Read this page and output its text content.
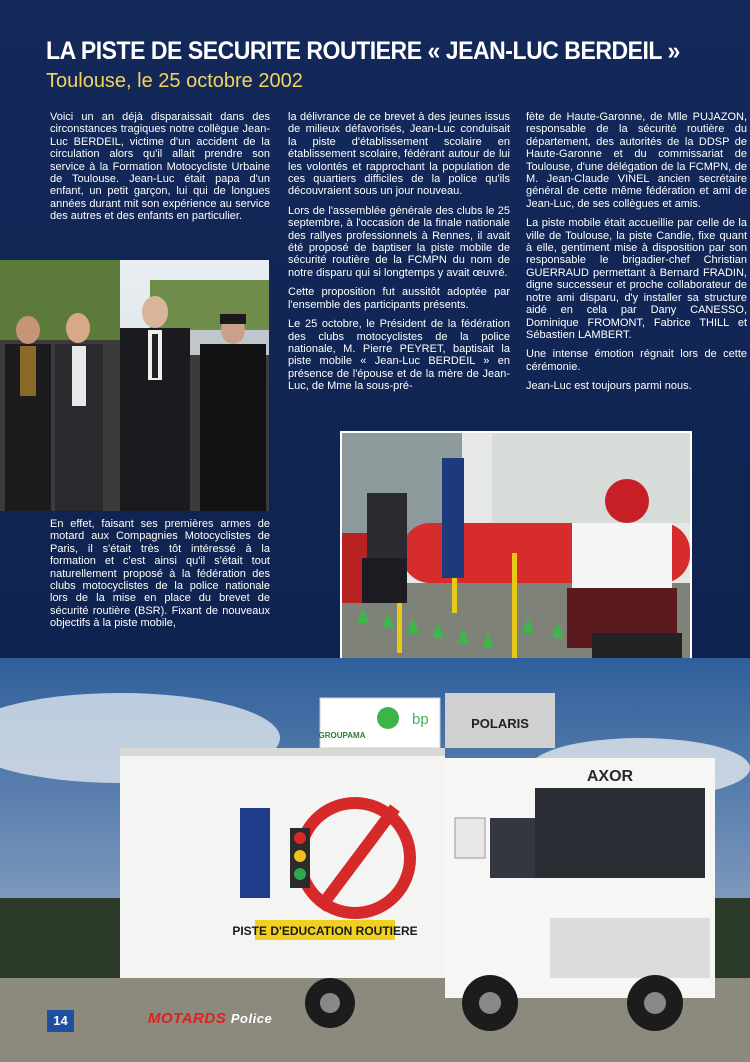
LA PISTE DE SECURITE ROUTIERE « JEAN-LUC BERDEIL »
Toulouse, le 25 octobre 2002

Voici un an déjà disparaissait dans des circonstances tragiques notre collègue Jean-Luc BERDEIL, victime d'un accident de la circulation alors qu'il allait prendre son service à la Formation Motocycliste Urbaine de Toulouse. Jean-Luc était papa d'un enfant, un petit garçon, lui qui de longues années durant mit son expérience au service des autres et des enfants en particulier.

En effet, faisant ses premières armes de motard aux Compagnies Motocyclistes de Paris, il s'était très tôt intéressé à la formation et c'est ainsi qu'il s'était tout naturellement proposé à la fédération des clubs motocyclistes de la police nationale lors de la mise en place du brevet de sécurité routière (BSR). Fixant de nouveaux objectifs à la piste mobile,

la délivrance de ce brevet à des jeunes issus de milieux défavorisés, Jean-Luc conduisait la piste d'établissement scolaire en établissement scolaire, fédérant autour de lui les volontés et rapprochant la population de ces quartiers difficiles de la police qu'ils découvraient sous un jour nouveau.

Lors de l'assemblée générale des clubs le 25 septembre, à l'occasion de la finale nationale des rallyes professionnels à Rennes, il avait été proposé de baptiser la piste mobile de sécurité routière de la FCMPN du nom de notre disparu qui si longtemps y avait œuvré.

Cette proposition fut aussitôt adoptée par l'ensemble des participants présents.

Le 25 octobre, le Président de la fédération des clubs motocyclistes de la police nationale, M. Pierre PEYRET, baptisait la piste mobile « Jean-Luc BERDEIL » en présence de l'épouse et de la mère de Jean-Luc, de Mme la sous-pré-

fète de Haute-Garonne, de Mlle PUJAZON, responsable de la sécurité routière du département, des autorités de la DDSP de Haute-Garonne et du commissariat de Toulouse, d'une délégation de la FCMPN, de M. Jean-Claude VINEL ancien secrétaire général de cette même fédération et ami de Jean-Luc, de ses collègues et amis.

La piste mobile était accueillie par celle de la ville de Toulouse, la piste Candie, fixe quant à elle, gentiment mise à disposition par son responsable le brigadier-chef Christian GUERRAUD permettant à Bernard FRADIN, digne successeur et proche collaborateur de notre ami disparu, d'y installer sa structure aidé en cela par Dany CANESSO, Dominique FROMONT, Fabrice THILL et Sébastien LAMBERT.

Une intense émotion régnait lors de cette cérémonie.

Jean-Luc est toujours parmi nous.

PISTE D'EDUCATION ROUTIERE
AXOR
GROUPAMA
bp	POLARIS
14	MOTARDS Police
